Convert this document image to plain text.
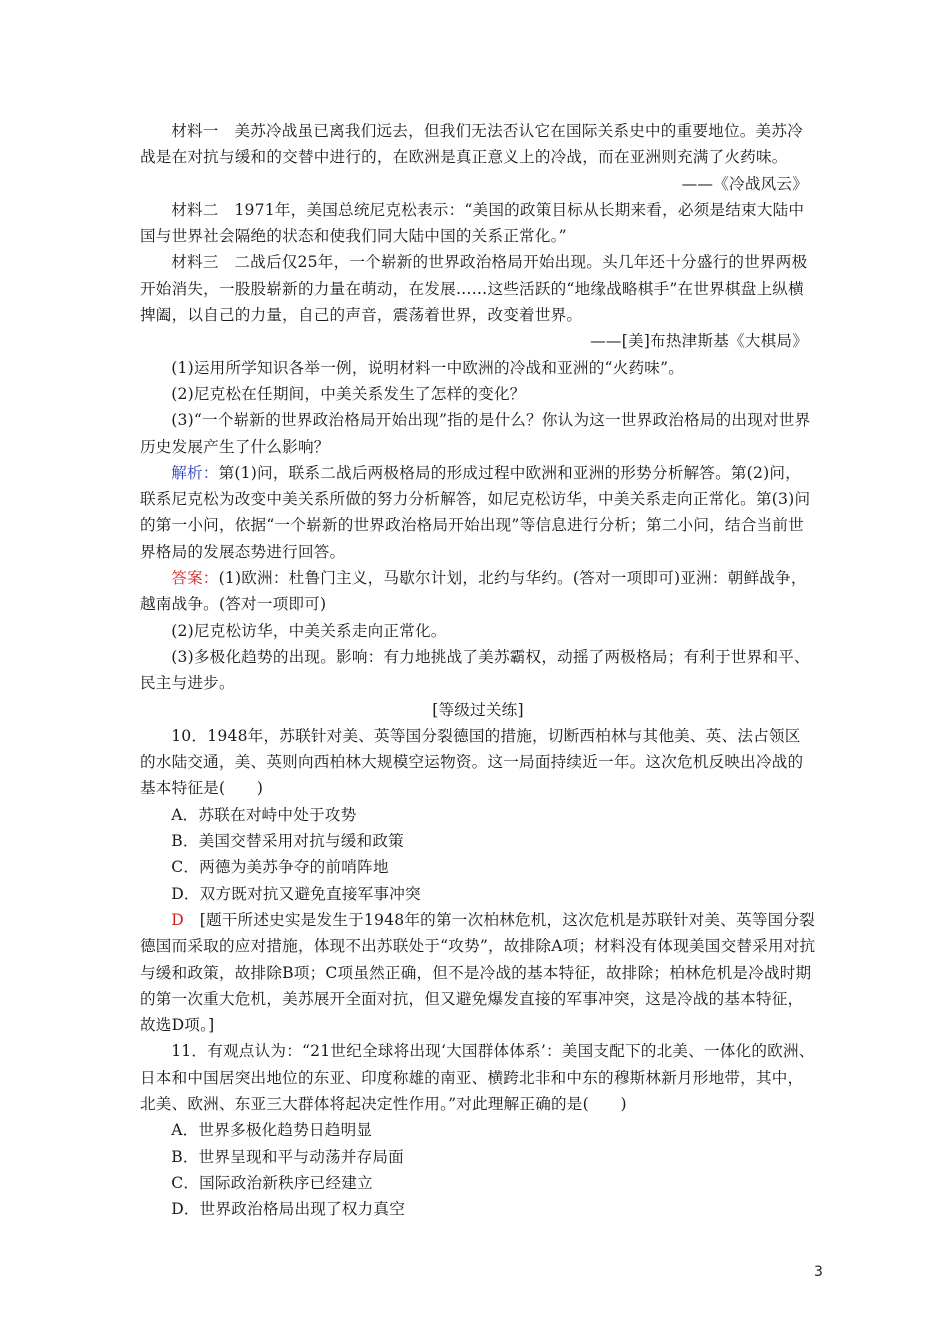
材料一　美苏冷战虽已离我们远去，但我们无法否认它在国际关系史中的重要地位。美苏冷战是在对抗与缓和的交替中进行的，在欧洲是真正意义上的冷战，而在亚洲则充满了火药味。

——《冷战风云》

材料二　1971年，美国总统尼克松表示：“美国的政策目标从长期来看，必须是结束大陆中国与世界社会隔绝的状态和使我们同大陆中国的关系正常化。”

材料三　二战后仅25年，一个崭新的世界政治格局开始出现。头几年还十分盛行的世界两极开始消失，一股股崭新的力量在萌动，在发展……这些活跃的“地缘战略棋手”在世界棋盘上纵横捭阖，以自己的力量，自己的声音，震荡着世界，改变着世界。

——[美]布热津斯基《大棋局》

(1)运用所学知识各举一例，说明材料一中欧洲的冷战和亚洲的“火药味”。

(2)尼克松在任期间，中美关系发生了怎样的变化？

(3)“一个崭新的世界政治格局开始出现”指的是什么？你认为这一世界政治格局的出现对世界历史发展产生了什么影响？

解析：第(1)问，联系二战后两极格局的形成过程中欧洲和亚洲的形势分析解答。第(2)问，联系尼克松为改变中美关系所做的努力分析解答，如尼克松访华，中美关系走向正常化。第(3)问的第一小问，依据“一个崭新的世界政治格局开始出现”等信息进行分析；第二小问，结合当前世界格局的发展态势进行回答。

答案：(1)欧洲：杜鲁门主义，马歇尔计划，北约与华约。(答对一项即可)亚洲：朝鲜战争，越南战争。(答对一项即可)

(2)尼克松访华，中美关系走向正常化。

(3)多极化趋势的出现。影响：有力地挑战了美苏霸权，动摇了两极格局；有利于世界和平、民主与进步。

[等级过关练]

10．1948年，苏联针对美、英等国分裂德国的措施，切断西柏林与其他美、英、法占领区的水陆交通，美、英则向西柏林大规模空运物资。这一局面持续近一年。这次危机反映出冷战的基本特征是(　　)

A．苏联在对峙中处于攻势

B．美国交替采用对抗与缓和政策

C．两德为美苏争夺的前哨阵地

D．双方既对抗又避免直接军事冲突

D　 [题干所述史实是发生于1948年的第一次柏林危机，这次危机是苏联针对美、英等国分裂德国而采取的应对措施，体现不出苏联处于“攻势”，故排除A项；材料没有体现美国交替采用对抗与缓和政策，故排除B项；C项虽然正确，但不是冷战的基本特征，故排除；柏林危机是冷战时期的第一次重大危机，美苏展开全面对抗，但又避免爆发直接的军事冲突，这是冷战的基本特征，故选D项。]

11．有观点认为：“21世纪全球将出现‘大国群体体系’：美国支配下的北美、一体化的欧洲、日本和中国居突出地位的东亚、印度称雄的南亚、横跨北非和中东的穆斯林新月形地带，其中，北美、欧洲、东亚三大群体将起决定性作用。”对此理解正确的是(　　)

A．世界多极化趋势日趋明显

B．世界呈现和平与动荡并存局面

C．国际政治新秩序已经建立

D．世界政治格局出现了权力真空

3
